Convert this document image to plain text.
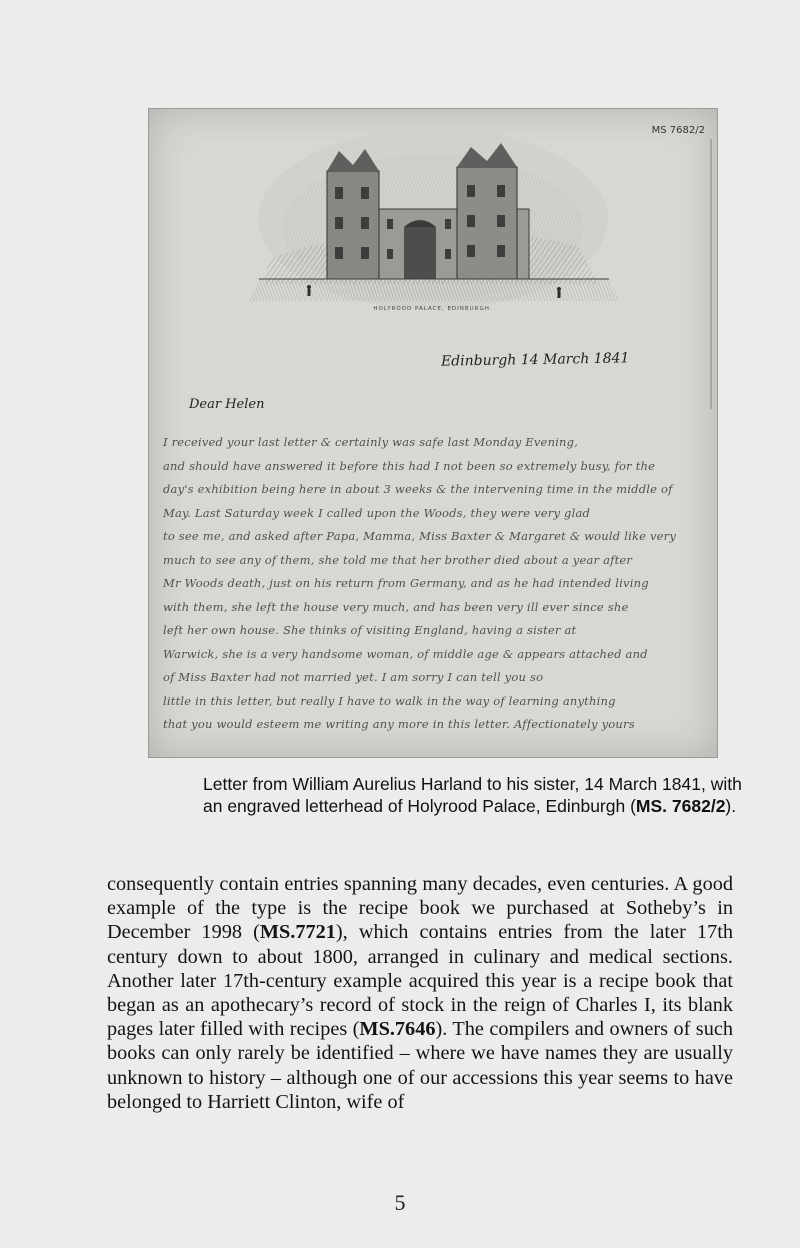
MS 7682/2
HOLYROOD PALACE, EDINBURGH.
Edinburgh 14 March 1841
Dear Helen
I received your last letter & certainly was safe last Monday Evening,
and should have answered it before this had I not been so extremely busy, for the
day's exhibition being here in about 3 weeks & the intervening time in the middle of
May. Last Saturday week I called upon the Woods, they were very glad
to see me, and asked after Papa, Mamma, Miss Baxter & Margaret & would like very
much to see any of them, she told me that her brother died about a year after
Mr Woods death, just on his return from Germany, and as he had intended living
with them, she left the house very much, and has been very ill ever since she
left her own house. She thinks of visiting England, having a sister at
Warwick, she is a very handsome woman, of middle age & appears attached and
of Miss Baxter had not married yet. I am sorry I can tell you so
little in this letter, but really I have to walk in the way of learning anything
that you would esteem me writing any more in this letter. Affectionately yours
Letter from William Aurelius Harland to his sister, 14 March 1841, with an engraved letterhead of Holyrood Palace, Edinburgh (MS. 7682/2).
consequently contain entries spanning many decades, even centuries. A good example of the type is the recipe book we purchased at Sotheby’s in December 1998 (MS.7721), which contains entries from the later 17th century down to about 1800, arranged in culinary and medical sections. Another later 17th-century example acquired this year is a recipe book that began as an apothecary’s record of stock in the reign of Charles I, its blank pages later filled with recipes (MS.7646). The compilers and owners of such books can only rarely be identified – where we have names they are usually unknown to history – although one of our accessions this year seems to have belonged to Harriett Clinton, wife of
5
